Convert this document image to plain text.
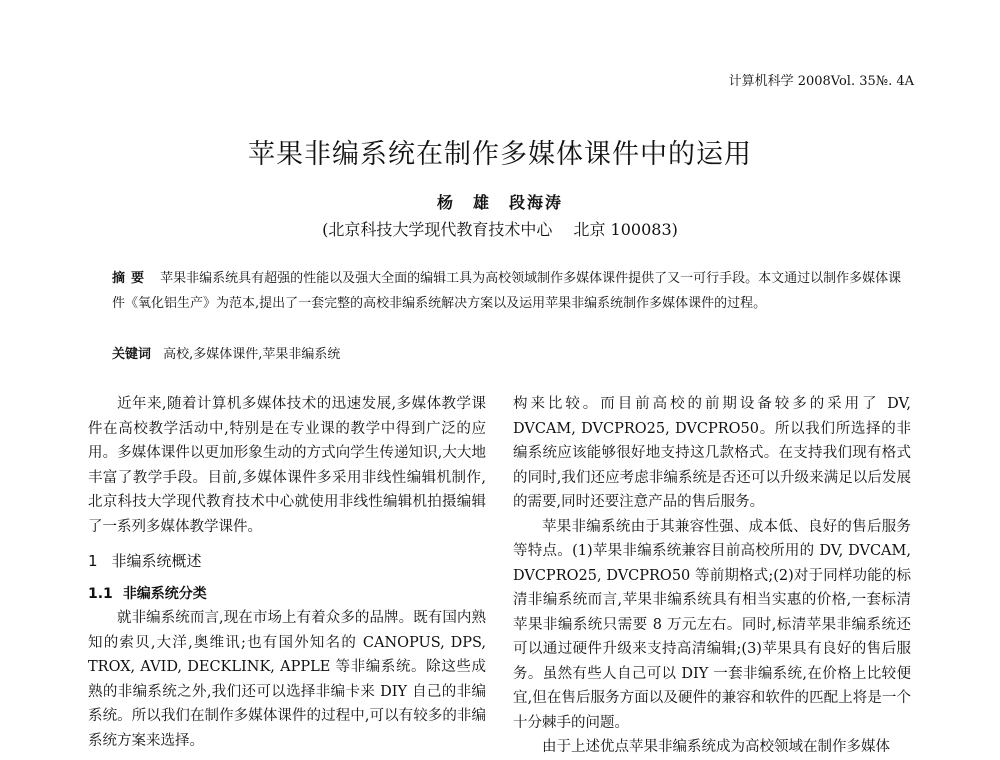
计算机科学 2008Vol. 35№. 4A
苹果非编系统在制作多媒体课件中的运用
杨　雄　段海涛
(北京科技大学现代教育技术中心　 北京 100083)
摘要 苹果非编系统具有超强的性能以及强大全面的编辑工具为高校领域制作多媒体课件提供了又一可行手段。本文通过以制作多媒体课件《氧化铝生产》为范本,提出了一套完整的高校非编系统解决方案以及运用苹果非编系统制作多媒体课件的过程。
关键词 高校,多媒体课件,苹果非编系统

近年来,随着计算机多媒体技术的迅速发展,多媒体教学课件在高校教学活动中,特别是在专业课的教学中得到广泛的应用。多媒体课件以更加形象生动的方式向学生传递知识,大大地丰富了教学手段。目前,多媒体课件多采用非线性编辑机制作,北京科技大学现代教育技术中心就使用非线性编辑机拍摄编辑了一系列多媒体教学课件。

1 非编系统概述
1.1 非编系统分类

就非编系统而言,现在市场上有着众多的品牌。既有国内熟知的索贝,大洋,奥维讯;也有国外知名的 CANOPUS, DPS, TROX, AVID, DECKLINK, APPLE 等非编系统。除这些成熟的非编系统之外,我们还可以选择非编卡来 DIY 自己的非编系统。所以我们在制作多媒体课件的过程中,可以有较多的非编系统方案来选择。

构来比较。而目前高校的前期设备较多的采用了 DV, DVCAM, DVCPRO25, DVCPRO50。所以我们所选择的非编系统应该能够很好地支持这几款格式。在支持我们现有格式的同时,我们还应考虑非编系统是否还可以升级来满足以后发展的需要,同时还要注意产品的售后服务。

苹果非编系统由于其兼容性强、成本低、良好的售后服务等特点。(1)苹果非编系统兼容目前高校所用的 DV, DVCAM, DVCPRO25, DVCPRO50 等前期格式;(2)对于同样功能的标清非编系统而言,苹果非编系统具有相当实惠的价格,一套标清苹果非编系统只需要 8 万元左右。同时,标清苹果非编系统还可以通过硬件升级来支持高清编辑;(3)苹果具有良好的售后服务。虽然有些人自己可以 DIY 一套非编系统,在价格上比较便宜,但在售后服务方面以及硬件的兼容和软件的匹配上将是一个十分棘手的问题。

由于上述优点苹果非编系统成为高校领域在制作多媒体
